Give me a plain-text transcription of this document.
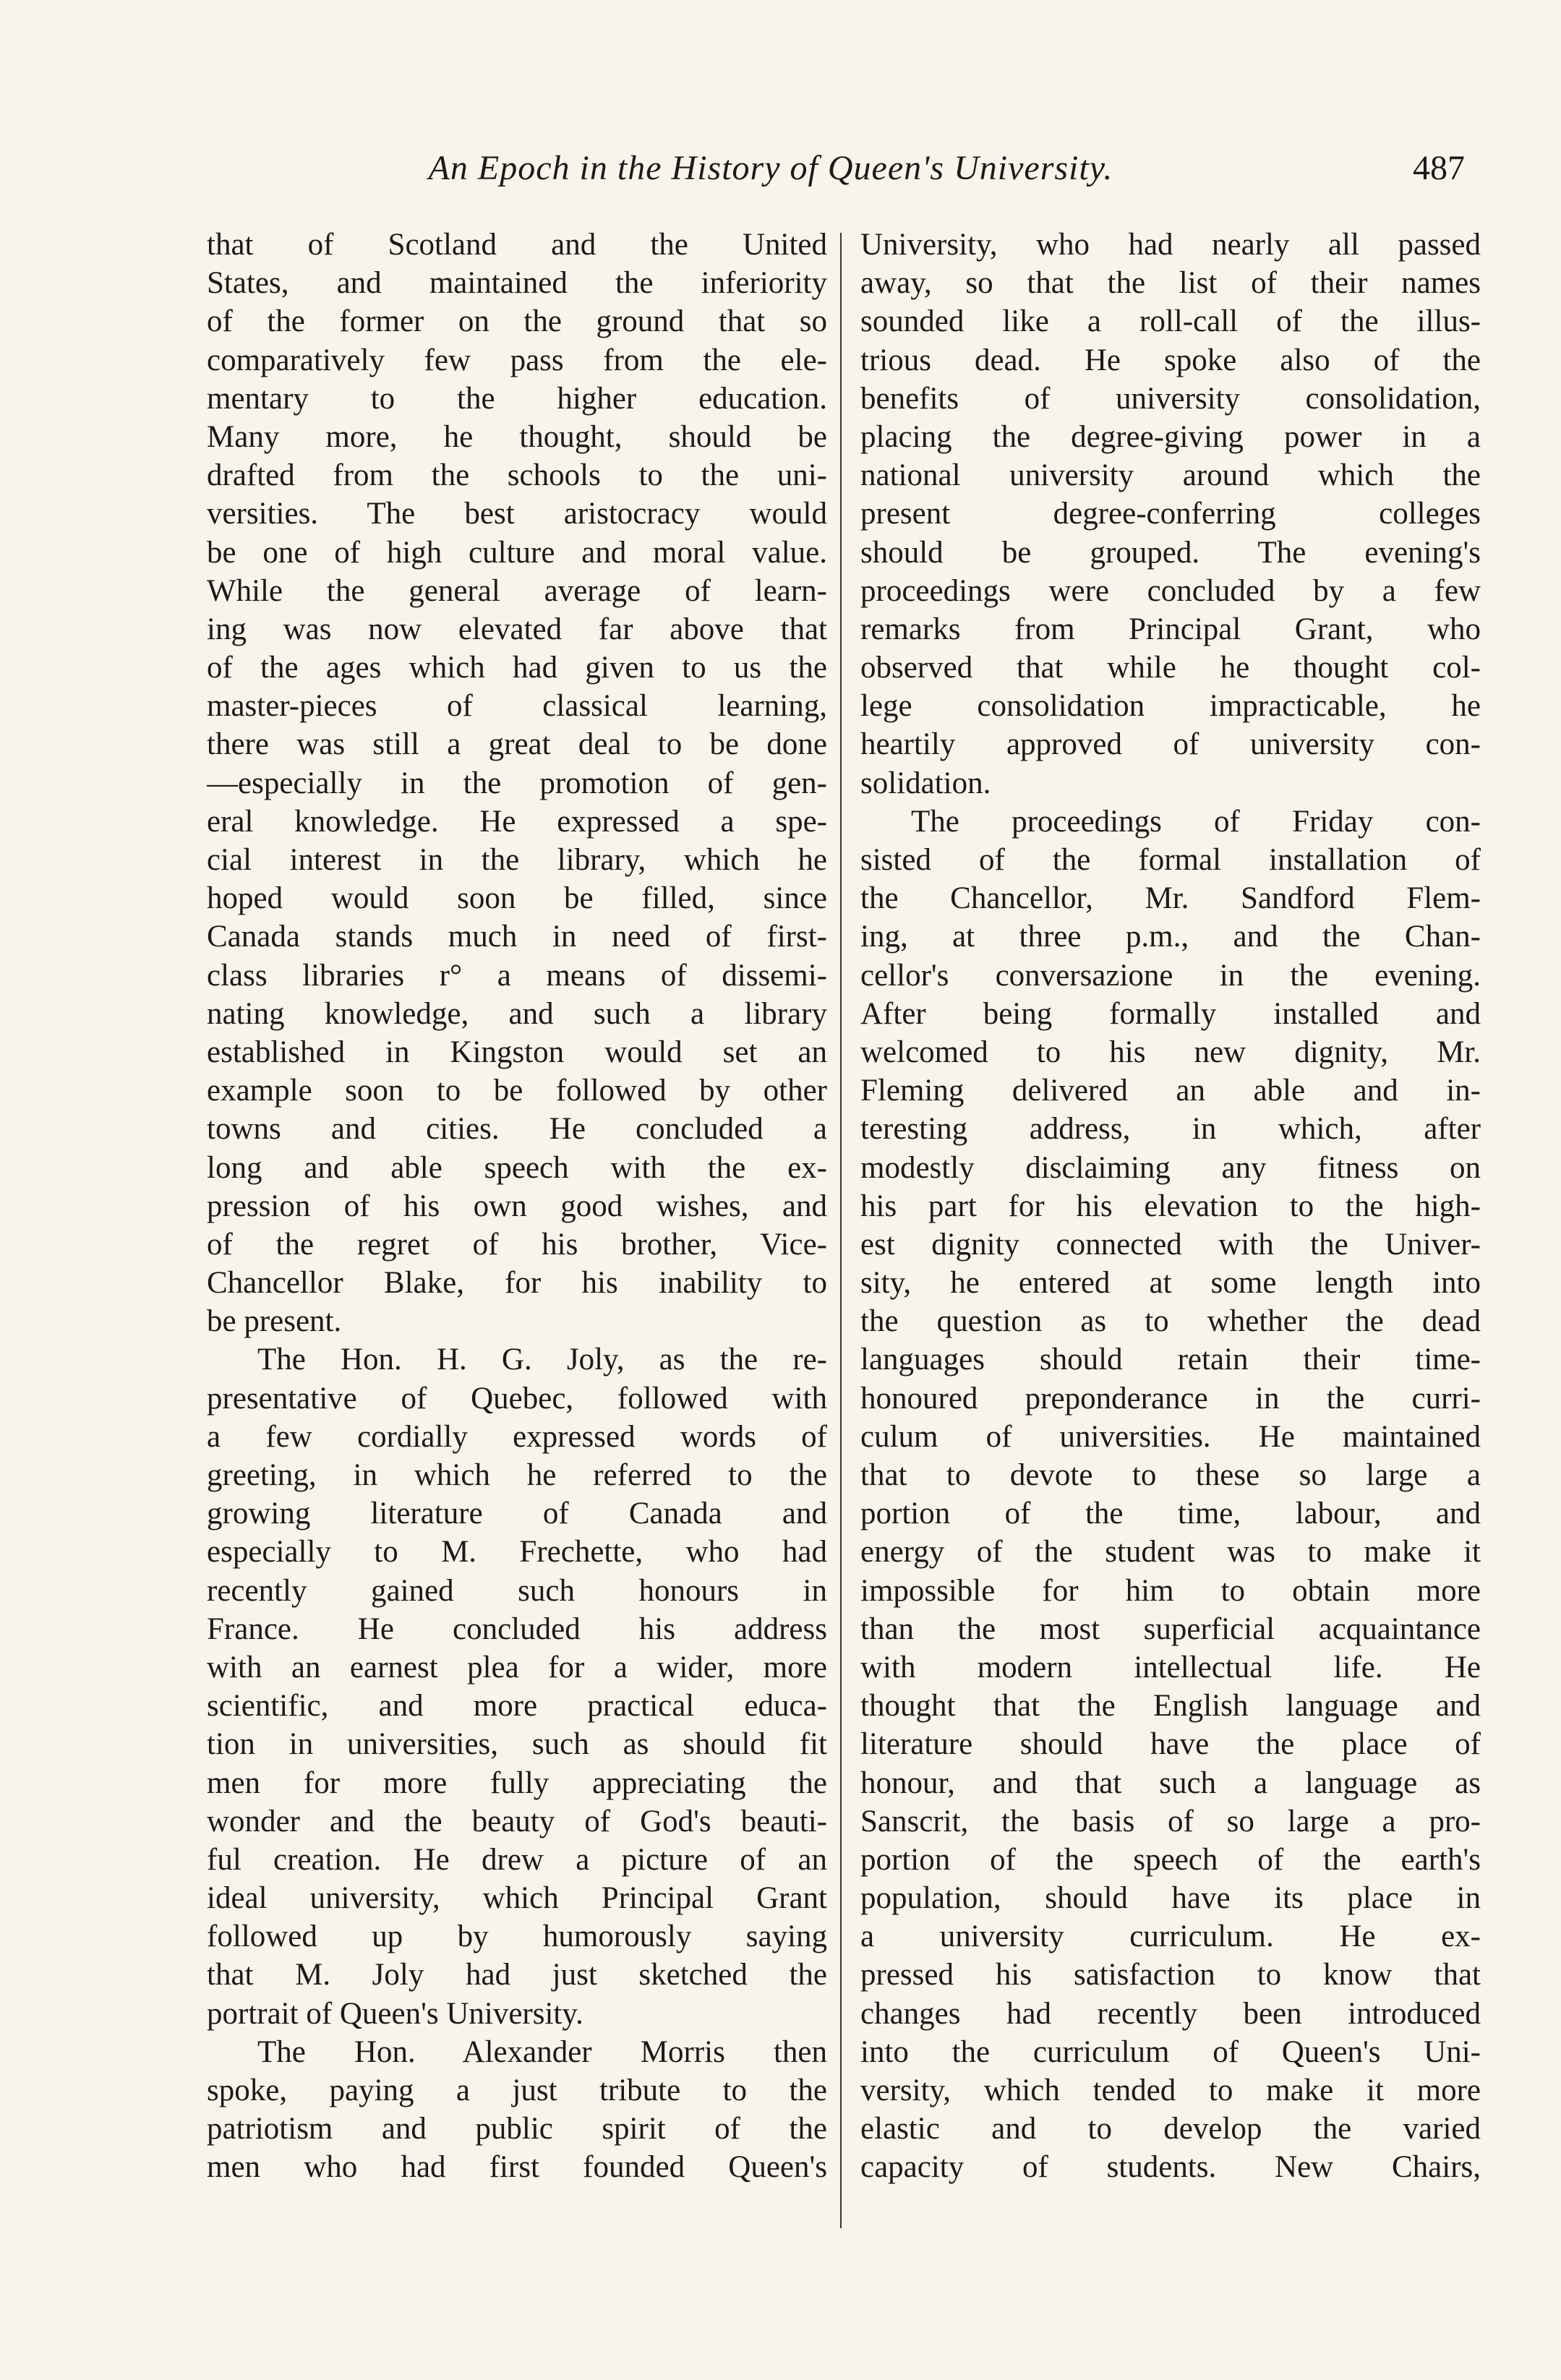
An Epoch in the History of Queen's University.	487
that of Scotland and the United
States, and maintained the inferiority
of the former on the ground that so
comparatively few pass from the ele-
mentary to the higher education.
Many more, he thought, should be
drafted from the schools to the uni-
versities. The best aristocracy would
be one of high culture and moral value.
While the general average of learn-
ing was now elevated far above that
of the ages which had given to us the
master-pieces of classical learning,
there was still a great deal to be done
—especially in the promotion of gen-
eral knowledge. He expressed a spe-
cial interest in the library, which he
hoped would soon be filled, since
Canada stands much in need of first-
class libraries r° a means of dissemi-
nating knowledge, and such a library
established in Kingston would set an
example soon to be followed by other
towns and cities. He concluded a
long and able speech with the ex-
pression of his own good wishes, and
of the regret of his brother, Vice-
Chancellor Blake, for his inability to
be present.
The Hon. H. G. Joly, as the re-
presentative of Quebec, followed with
a few cordially expressed words of
greeting, in which he referred to the
growing literature of Canada and
especially to M. Frechette, who had
recently gained such honours in
France. He concluded his address
with an earnest plea for a wider, more
scientific, and more practical educa-
tion in universities, such as should fit
men for more fully appreciating the
wonder and the beauty of God's beauti-
ful creation. He drew a picture of an
ideal university, which Principal Grant
followed up by humorously saying
that M. Joly had just sketched the
portrait of Queen's University.
The Hon. Alexander Morris then
spoke, paying a just tribute to the
patriotism and public spirit of the
men who had first founded Queen's
University, who had nearly all passed
away, so that the list of their names
sounded like a roll-call of the illus-
trious dead. He spoke also of the
benefits of university consolidation,
placing the degree-giving power in a
national university around which the
present degree-conferring colleges
should be grouped. The evening's
proceedings were concluded by a few
remarks from Principal Grant, who
observed that while he thought col-
lege consolidation impracticable, he
heartily approved of university con-
solidation.
The proceedings of Friday con-
sisted of the formal installation of
the Chancellor, Mr. Sandford Flem-
ing, at three p.m., and the Chan-
cellor's conversazione in the evening.
After being formally installed and
welcomed to his new dignity, Mr.
Fleming delivered an able and in-
teresting address, in which, after
modestly disclaiming any fitness on
his part for his elevation to the high-
est dignity connected with the Univer-
sity, he entered at some length into
the question as to whether the dead
languages should retain their time-
honoured preponderance in the curri-
culum of universities. He maintained
that to devote to these so large a
portion of the time, labour, and
energy of the student was to make it
impossible for him to obtain more
than the most superficial acquaintance
with modern intellectual life. He
thought that the English language and
literature should have the place of
honour, and that such a language as
Sanscrit, the basis of so large a pro-
portion of the speech of the earth's
population, should have its place in
a university curriculum. He ex-
pressed his satisfaction to know that
changes had recently been introduced
into the curriculum of Queen's Uni-
versity, which tended to make it more
elastic and to develop the varied
capacity of students. New Chairs,
